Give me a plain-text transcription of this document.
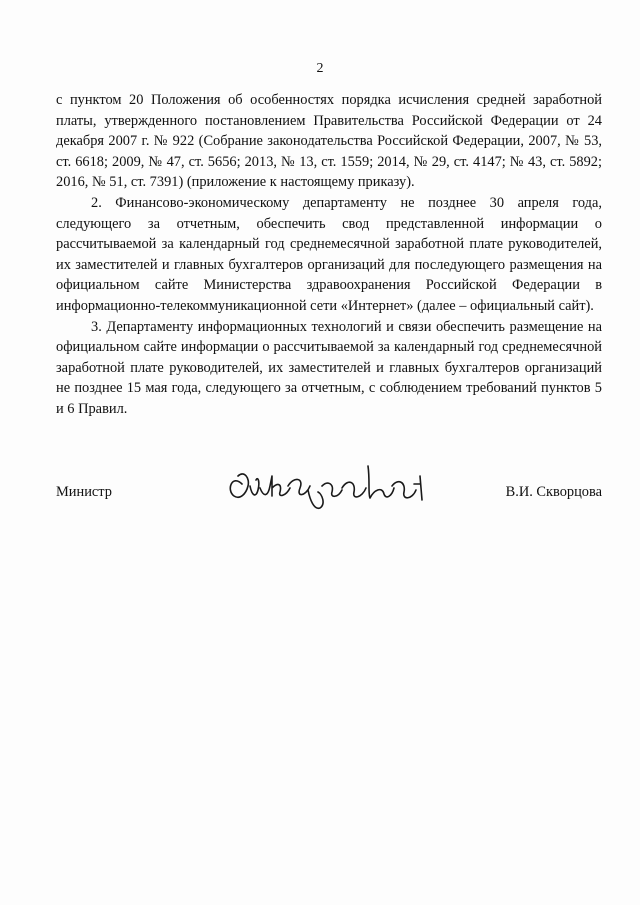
2

с пунктом 20 Положения об особенностях порядка исчисления средней заработной платы, утвержденного постановлением Правительства Российской Федерации от 24 декабря 2007 г. № 922 (Собрание законодательства Российской Федерации, 2007, № 53, ст. 6618; 2009, № 47, ст. 5656; 2013, № 13, ст. 1559; 2014, № 29, ст. 4147; № 43, ст. 5892; 2016, № 51, ст. 7391) (приложение к настоящему приказу).

2. Финансово-экономическому департаменту не позднее 30 апреля года, следующего за отчетным, обеспечить свод представленной информации о рассчитываемой за календарный год среднемесячной заработной плате руководителей, их заместителей и главных бухгалтеров организаций для последующего размещения на официальном сайте Министерства здравоохранения Российской Федерации в информационно-телекоммуникационной сети «Интернет» (далее – официальный сайт).

3. Департаменту информационных технологий и связи обеспечить размещение на официальном сайте информации о рассчитываемой за календарный год среднемесячной заработной плате руководителей, их заместителей и главных бухгалтеров организаций не позднее 15 мая года, следующего за отчетным, с соблюдением требований пунктов 5 и 6 Правил.

Министр	В.И. Скворцова
